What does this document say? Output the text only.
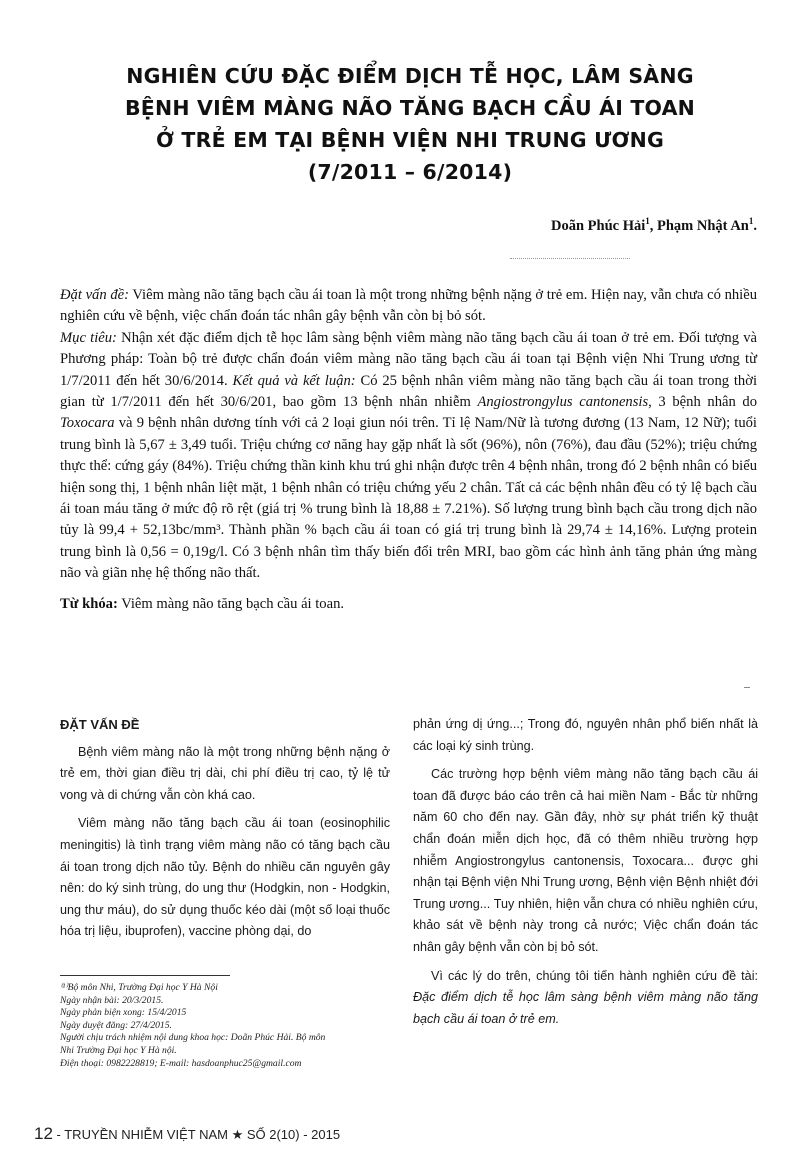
NGHIÊN CỨU ĐẶC ĐIỂM DỊCH TỄ HỌC, LÂM SÀNG
BỆNH VIÊM MÀNG NÃO TĂNG BẠCH CẦU ÁI TOAN
Ở TRẺ EM TẠI BỆNH VIỆN NHI TRUNG ƯƠNG
(7/2011 – 6/2014)
Doãn Phúc Hải$^1$, Phạm Nhật An$^1$.

Đặt vấn đề: Viêm màng não tăng bạch cầu ái toan là một trong những bệnh nặng ở trẻ em. Hiện nay, vẫn chưa có nhiều nghiên cứu về bệnh, việc chẩn đoán tác nhân gây bệnh vẫn còn bị bỏ sót.
Mục tiêu: Nhận xét đặc điểm dịch tễ học lâm sàng bệnh viêm màng não tăng bạch cầu ái toan ở trẻ em. Đối tượng và Phương pháp: Toàn bộ trẻ được chẩn đoán viêm màng não tăng bạch cầu ái toan tại Bệnh viện Nhi Trung ương từ 1/7/2011 đến hết 30/6/2014. Kết quả và kết luận: Có 25 bệnh nhân viêm màng não tăng bạch cầu ái toan trong thời gian từ 1/7/2011 đến hết 30/6/201, bao gồm 13 bệnh nhân nhiễm Angiostrongylus cantonensis, 3 bệnh nhân do Toxocara và 9 bệnh nhân dương tính với cả 2 loại giun nói trên. Tỉ lệ Nam/Nữ là tương đương (13 Nam, 12 Nữ); tuổi trung bình là 5,67 ± 3,49 tuổi. Triệu chứng cơ năng hay gặp nhất là sốt (96%), nôn (76%), đau đầu (52%); triệu chứng thực thể: cứng gáy (84%). Triệu chứng thần kinh khu trú ghi nhận được trên 4 bệnh nhân, trong đó 2 bệnh nhân có biểu hiện song thị, 1 bệnh nhân liệt mặt, 1 bệnh nhân có triệu chứng yếu 2 chân. Tất cả các bệnh nhân đều có tỷ lệ bạch cầu ái toan máu tăng ở mức độ rõ rệt (giá trị % trung bình là 18,88 ± 7.21%). Số lượng trung bình bạch cầu trong dịch não tủy là 99,4 + 52,13bc/mm³. Thành phần % bạch cầu ái toan có giá trị trung bình là 29,74 ± 14,16%. Lượng protein trung bình là 0,56 = 0,19g/l. Có 3 bệnh nhân tìm thấy biến đổi trên MRI, bao gồm các hình ảnh tăng phản ứng màng não và giãn nhẹ hệ thống não thất.

Từ khóa: Viêm màng não tăng bạch cầu ái toan.

ĐẶT VẤN ĐỀ

Bệnh viêm màng não là một trong những bệnh nặng ở trẻ em, thời gian điều trị dài, chi phí điều trị cao, tỷ lệ tử vong và di chứng vẫn còn khá cao.

Viêm màng não tăng bạch cầu ái toan (eosinophilic meningitis) là tình trạng viêm màng não có tăng bạch cầu ái toan trong dịch não tủy. Bệnh do nhiều căn nguyên gây nên: do ký sinh trùng, do ung thư (Hodgkin, non - Hodgkin, ung thư máu), do sử dụng thuốc kéo dài (một số loại thuốc hóa trị liệu, ibuprofen), vaccine phòng dại, do

phản ứng dị ứng...; Trong đó, nguyên nhân phổ biến nhất là các loại ký sinh trùng.

Các trường hợp bệnh viêm màng não tăng bạch cầu ái toan đã được báo cáo trên cả hai miền Nam - Bắc từ những năm 60 cho đến nay. Gần đây, nhờ sự phát triển kỹ thuật chẩn đoán miễn dịch học, đã có thêm nhiều trường hợp nhiễm Angiostrongylus cantonensis, Toxocara... được ghi nhận tại Bệnh viện Nhi Trung ương, Bệnh viện Bệnh nhiệt đới Trung ương... Tuy nhiên, hiện vẫn chưa có nhiều nghiên cứu, khảo sát về bệnh này trong cả nước; Việc chẩn đoán tác nhân gây bệnh vẫn còn bị bỏ sót.

Vì các lý do trên, chúng tôi tiến hành nghiên cứu đề tài: Đặc điểm dịch tễ học lâm sàng bệnh viêm màng não tăng bạch cầu ái toan ở trẻ em.

⁽¹⁾Bộ môn Nhi, Trường Đại học Y Hà Nội
Ngày nhận bài: 20/3/2015.
Ngày phản biện xong: 15/4/2015
Ngày duyệt đăng: 27/4/2015.
Người chịu trách nhiệm nội dung khoa học: Doãn Phúc Hải. Bộ môn
Nhi Trường Đại học Y Hà nội.
Điện thoại: 0982228819; E-mail: hasdoanphuc25@gmail.com
12 - TRUYỀN NHIỄM VIỆT NAM ★ SỐ 2(10) - 2015
